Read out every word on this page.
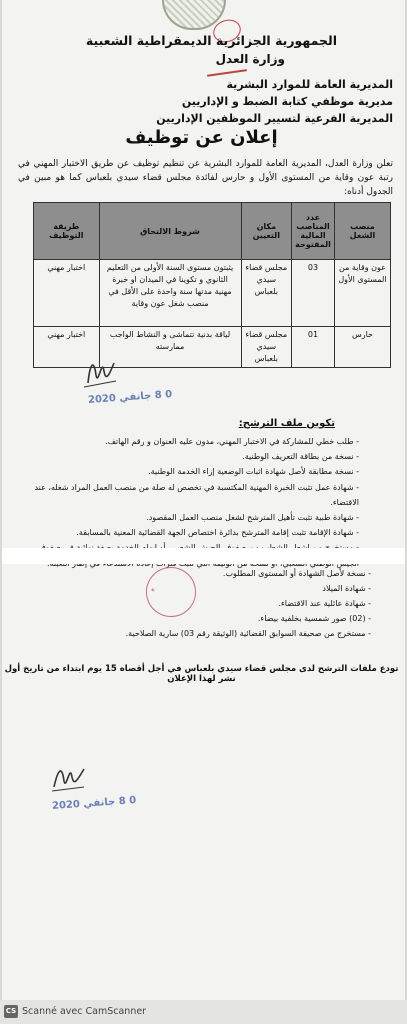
الجمهورية الجزائرية الديمقراطية الشعبية
وزارة العدل
المديرية العامة للموارد البشرية
مديرية موظفي كتابة الضبط و الإداريين
المديرية الفرعية لتسيير الموظفين الإداريين
إعلان عن توظيف
تعلن وزارة العدل، المديرية العامة للموارد البشرية عن تنظيم توظيف عن طريق الاختبار المهني في رتبة عون وقاية من المستوى الأول و حارس لفائدة مجلس قضاء سيدي بلعباس كما هو مبين في الجدول أدناه:
منصب الشغل	عدد المناصب المالية المفتوحة	مكان التعيين	شروط الالتحاق	طريقة التوظيف
عون وقاية من المستوى الأول	03	مجلس قضاء سيدي بلعباس	يثبتون مستوى السنة الأولى من التعليم الثانوي و تكوينا في الميدان او خبرة مهنية مدتها سنة واحدة على الأقل في منصب شغل عون وقاية	اختبار مهني
حارس	01	مجلس قضاء سيدي بلعباس	لياقة بدنية تتماشى و النشاط الواجب ممارسته	اختبار مهني
0 8 جانفي 2020
تكوين ملف الترشح:
- طلب خطي للمشاركة في الاختبار المهني، مدون عليه العنوان و رقم الهاتف.
- نسخة من بطاقة التعريف الوطنية.
- نسخة مطابقة لأصل شهادة اثبات الوضعية إزاء الخدمة الوطنية.
- شهادة عمل تثبت الخبرة المهنية المكتسبة في تخصص له صلة من منصب العمل المراد شغله، عند الاقتضاء.
- شهادة طبية تثبت تأهيل المترشح لشغل منصب العمل المقصود.
- شهادة الإقامة تثبت إقامة المترشح بدائرة اختصاص الجهة القضائية المعنية بالمسابقة.
-
✶
- نسخة لأصل الشهادة أو المستوى المطلوب.
- شهادة الميلاد
- شهادة عائلية عند الاقتضاء.
- (02) صور شمسية بخلفية بيضاء.
- مستخرج من صحيفة السوابق القضائية (الوثيقة رقم 03) سارية الصلاحية.
تودع ملفات الترشح لدى مجلس قضاء سيدي بلعباس في أجل أقصاه 15 يوم ابتداء من تاريخ أول نشر لهذا الإعلان
0 8 جانفي 2020
CS Scanné avec CamScanner
